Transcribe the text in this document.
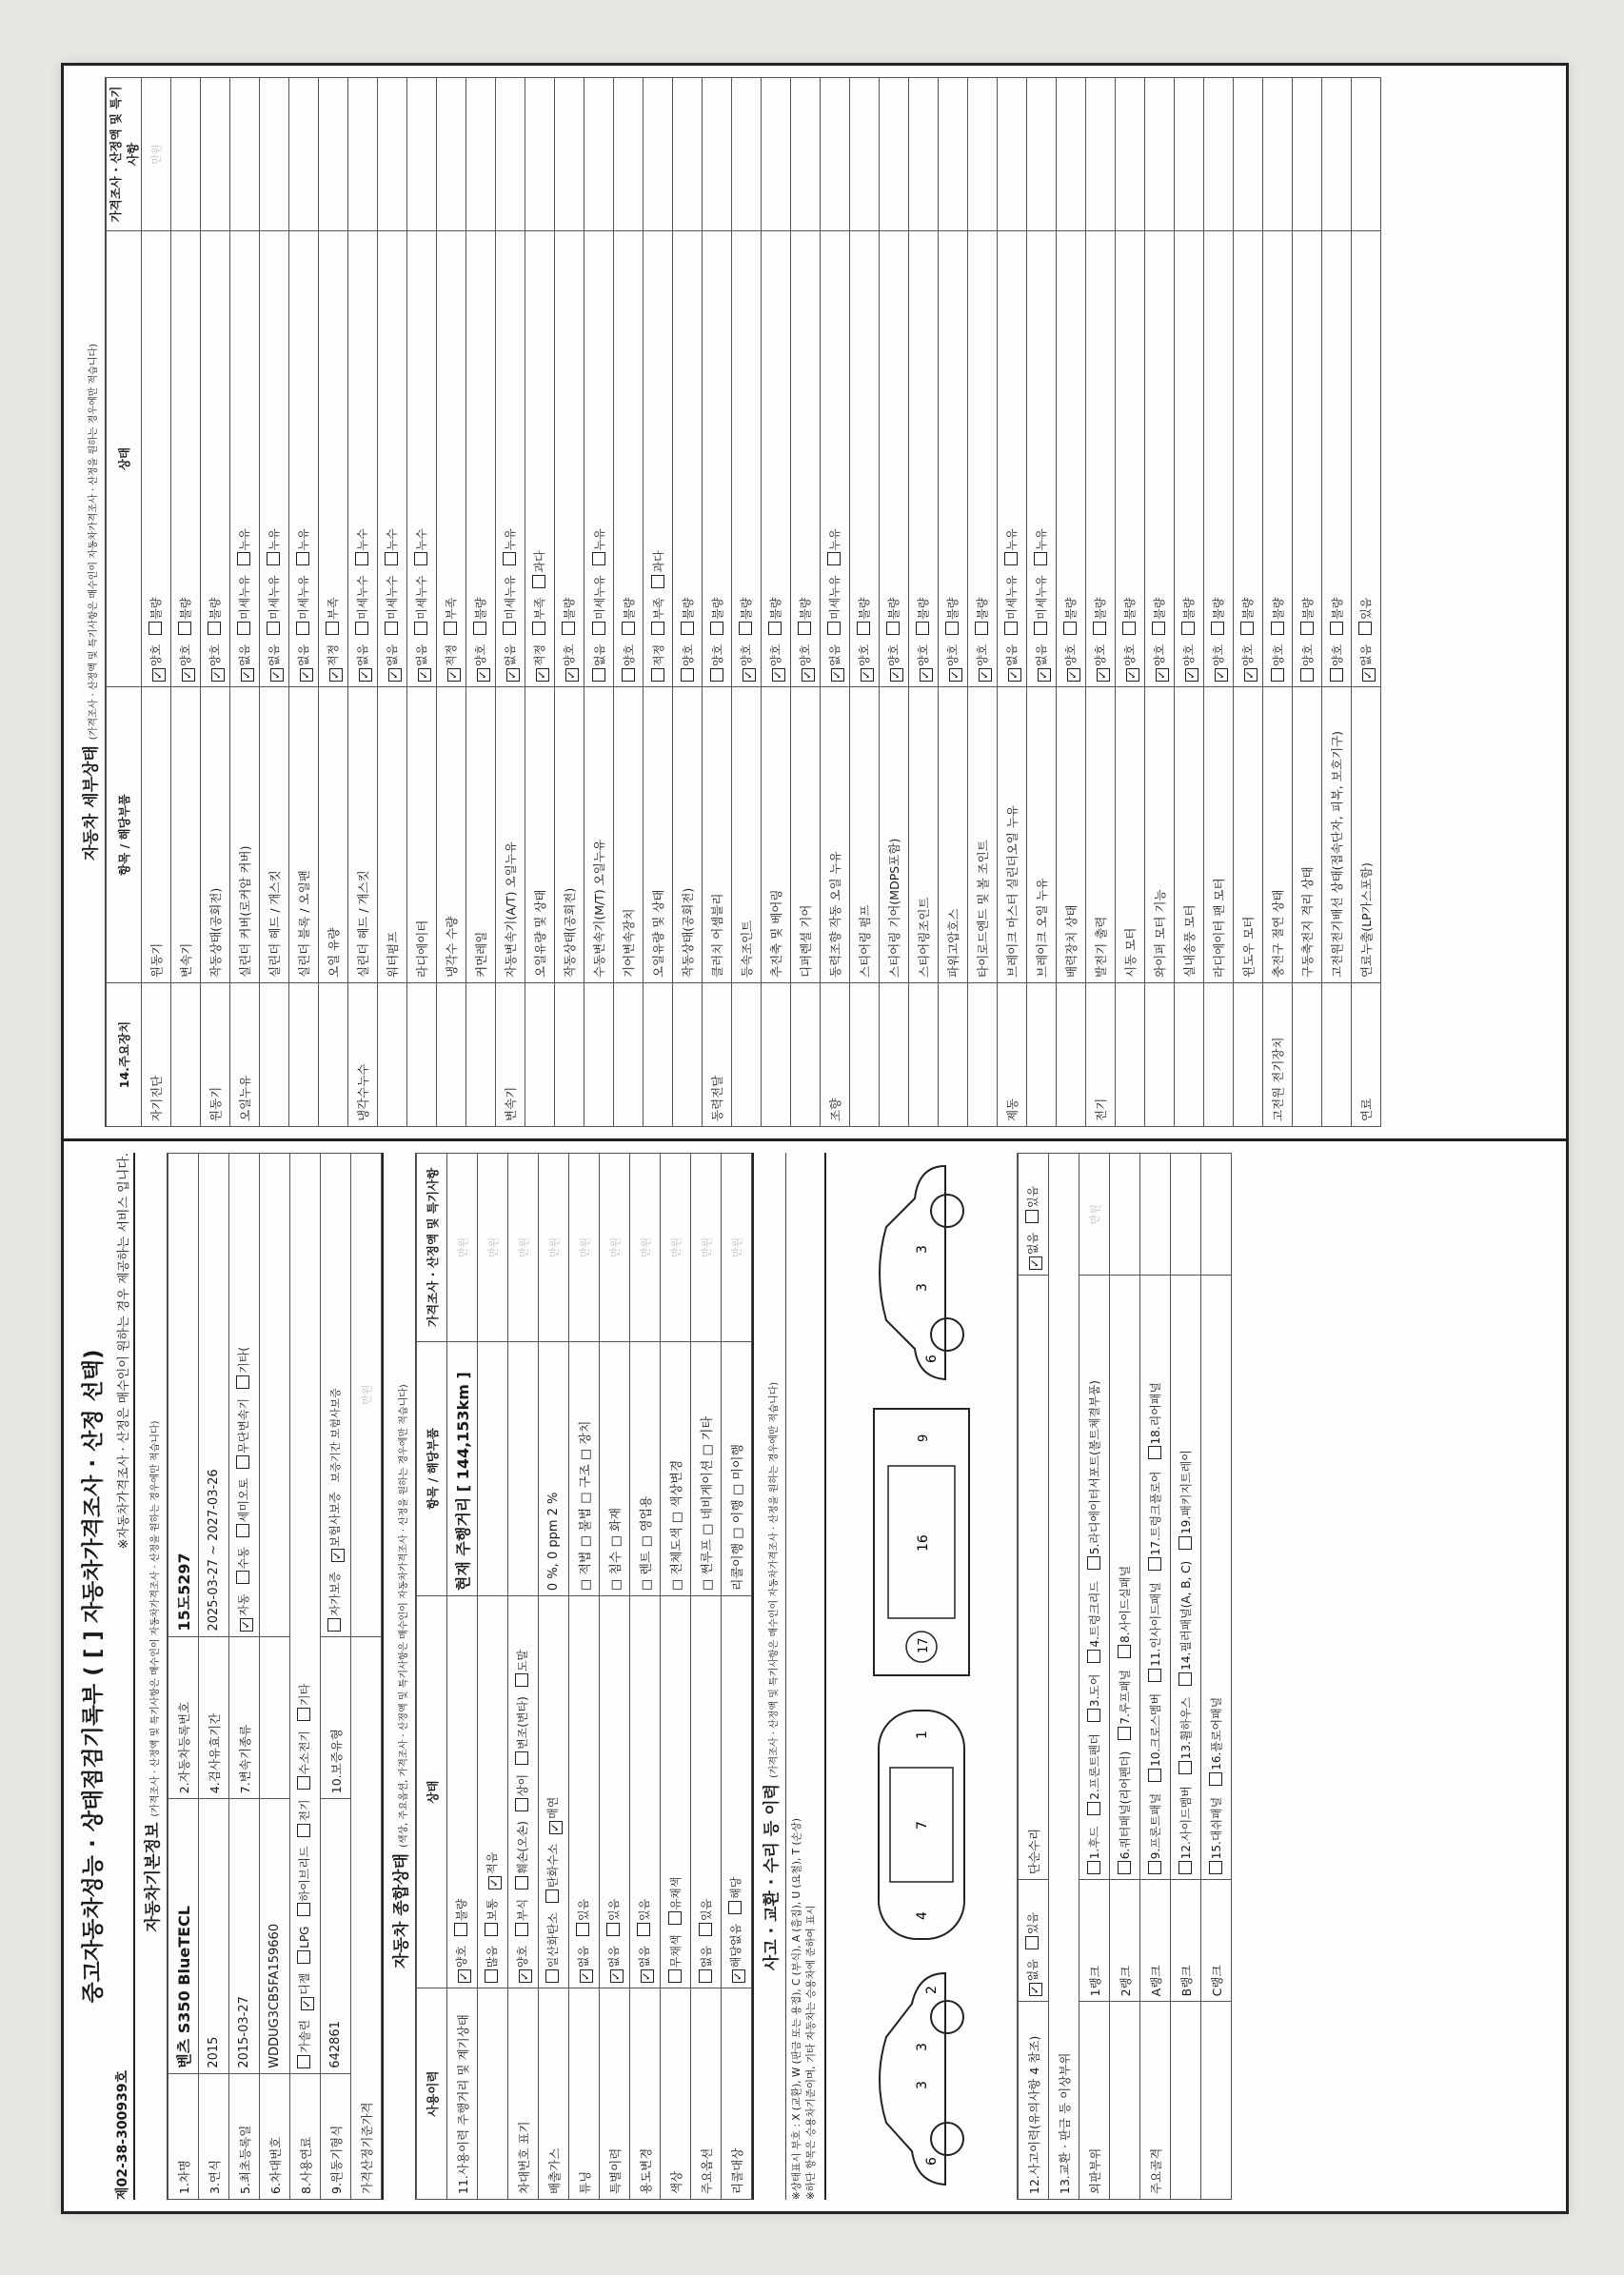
중고자동차성능 · 상태점검기록부 ( [ ] 자동차가격조사 · 산정 선택)
제02-38-300939호
※자동차가격조사 · 산정은 매수인이 원하는 경우 제공하는 서비스 입니다.
자동차기본정보 (가격조사 · 산정액 및 특기사항은 매수인이 자동차가격조사 · 산정을 원하는 경우에만 적습니다)
1.차명	벤츠 S350 BlueTECL	2.자동차등록번호	15도5297
3.연식	2015	4.검사유효기간	2025-03-27 ~ 2027-03-26
5.최초등록일	2015-03-27	7.변속기종류	✓자동수동세미오토무단변속기기타(
6.차대번호	WDDUG3CB5FA159660		
8.사용연료	가솔린✓디젤LPG하이브리드전기수소전기기타
9.원동기형식	642861	10.보증유형	자가보증✓보험사보증보증기간 보험사보증
가격산정기준가격			만원
자동차 종합상태 (색상, 주요옵션, 가격조사 · 산정액 및 특기사항은 매수인이 자동차가격조사 · 산정을 원하는 경우에만 적습니다)
사용이력	상태	항목 / 해당부품	가격조사 · 산정액 및 특기사항
11.사용이력 주행거리 및 계기상태	✓양호불량	현재 주행거리 [ 144,153km ]	만원
	많음보통✓적음		만원
차대번호 표기	✓양호부식훼손(오손)상이변조(변타)도말		만원
배출가스	일산화탄소탄화수소✓매연	0 %, 0 ppm 2 %	만원
튜닝	✓없음있음	□ 적법 □ 불법 □ 구조 □ 장치	만원
특별이력	✓없음있음	□ 침수 □ 화재	만원
용도변경	✓없음있음	□ 렌트 □ 영업용	만원
색상	무채색유채색	□ 전체도색 □ 색상변경	만원
주요옵션	없음있음	□ 썬루프 □ 네비게이션 □ 기타	만원
리콜대상	✓해당없음해당	리콜이행 □ 이행 □ 미이행	만원
사고 · 교환 · 수리 등 이력 (가격조사 · 산정액 및 특기사항은 매수인이 자동차가격조사 · 산정을 원하는 경우에만 적습니다)
※상태표시 부호 : X (교환), W (판금 또는 용접), C (부식), A (흠집), U (요철), T (손상) ※하단 항목은 승용차기준이며, 기타 자동차는 승용차에 준하여 표시	3
3
2
6
7
4
1
16
17
9
3
3
6
12.사고이력(유의사항 4 참조)	✓없음있음	단순수리	✓없음있음
13.교환 · 판금 등 이상부위			
외판부위	1랭크	1.후드2.프론트펜더3.도어4.트렁크리드5.라디에이터서포트(볼트체결부품)	만원
	2랭크	6.쿼터패널(리어펜더)7.루프패널8.사이드실패널	
주요골격	A랭크	9.프론트패널10.크로스멤버11.인사이드패널17.트렁크플로어18.리어패널	
	B랭크	12.사이드멤버13.휠하우스14.필러패널(A, B, C)19.패키지트레이	
	C랭크	15.대쉬패널16.플로어패널	
자동차 세부상태 (가격조사 · 산정액 및 특기사항은 매수인이 자동차가격조사 · 산정을 원하는 경우에만 적습니다)
14.주요장치	항목 / 해당부품	상태	가격조사 · 산정액 및 특기사항
자기진단	원동기	✓양호불량	만원
	변속기	✓양호불량	
원동기	작동상태(공회전)	✓양호불량	
오일누유	실린더 커버(로커암 커버)	✓없음미세누유누유	
	실린더 헤드 / 개스킷	✓없음미세누유누유	
	실린더 블록 / 오일팬	✓없음미세누유누유	
	오일 유량	✓적정부족	
냉각수누수	실린더 헤드 / 개스킷	✓없음미세누수누수	
	워터펌프	✓없음미세누수누수	
	라디에이터	✓없음미세누수누수	
	냉각수 수량	✓적정부족	
	커먼레일	✓양호불량	
변속기	자동변속기(A/T) 오일누유	✓없음미세누유누유	
	오일유량 및 상태	✓적정부족과다	
	작동상태(공회전)	✓양호불량	
	수동변속기(M/T) 오일누유	없음미세누유누유	
	기어변속장치	양호불량	
	오일유량 및 상태	적정부족과다	
	작동상태(공회전)	양호불량	
동력전달	클러치 어셈블리	양호불량	
	등속조인트	✓양호불량	
	추진축 및 베어링	✓양호불량	
	디퍼렌셜 기어	✓양호불량	
조향	동력조향 작동 오일 누유	✓없음미세누유누유	
	스티어링 펌프	✓양호불량	
	스티어링 기어(MDPS포함)	✓양호불량	
	스티어링조인트	✓양호불량	
	파워고압호스	✓양호불량	
	타이로드엔드 및 볼 조인트	✓양호불량	
제동	브레이크 마스터 실린더오일 누유	✓없음미세누유누유	
	브레이크 오일 누유	✓없음미세누유누유	
	배력장치 상태	✓양호불량	
전기	발전기 출력	✓양호불량	
	시동 모터	✓양호불량	
	와이퍼 모터 기능	✓양호불량	
	실내송풍 모터	✓양호불량	
	라디에이터 팬 모터	✓양호불량	
	윈도우 모터	✓양호불량	
고전원 전기장치	충전구 절연 상태	양호불량	
	구동축전지 격리 상태	양호불량	
	고전원전기배선 상태(접속단자, 피복, 보호기구)	양호불량	
연료	연료누출(LP가스포함)	✓없음있음	
